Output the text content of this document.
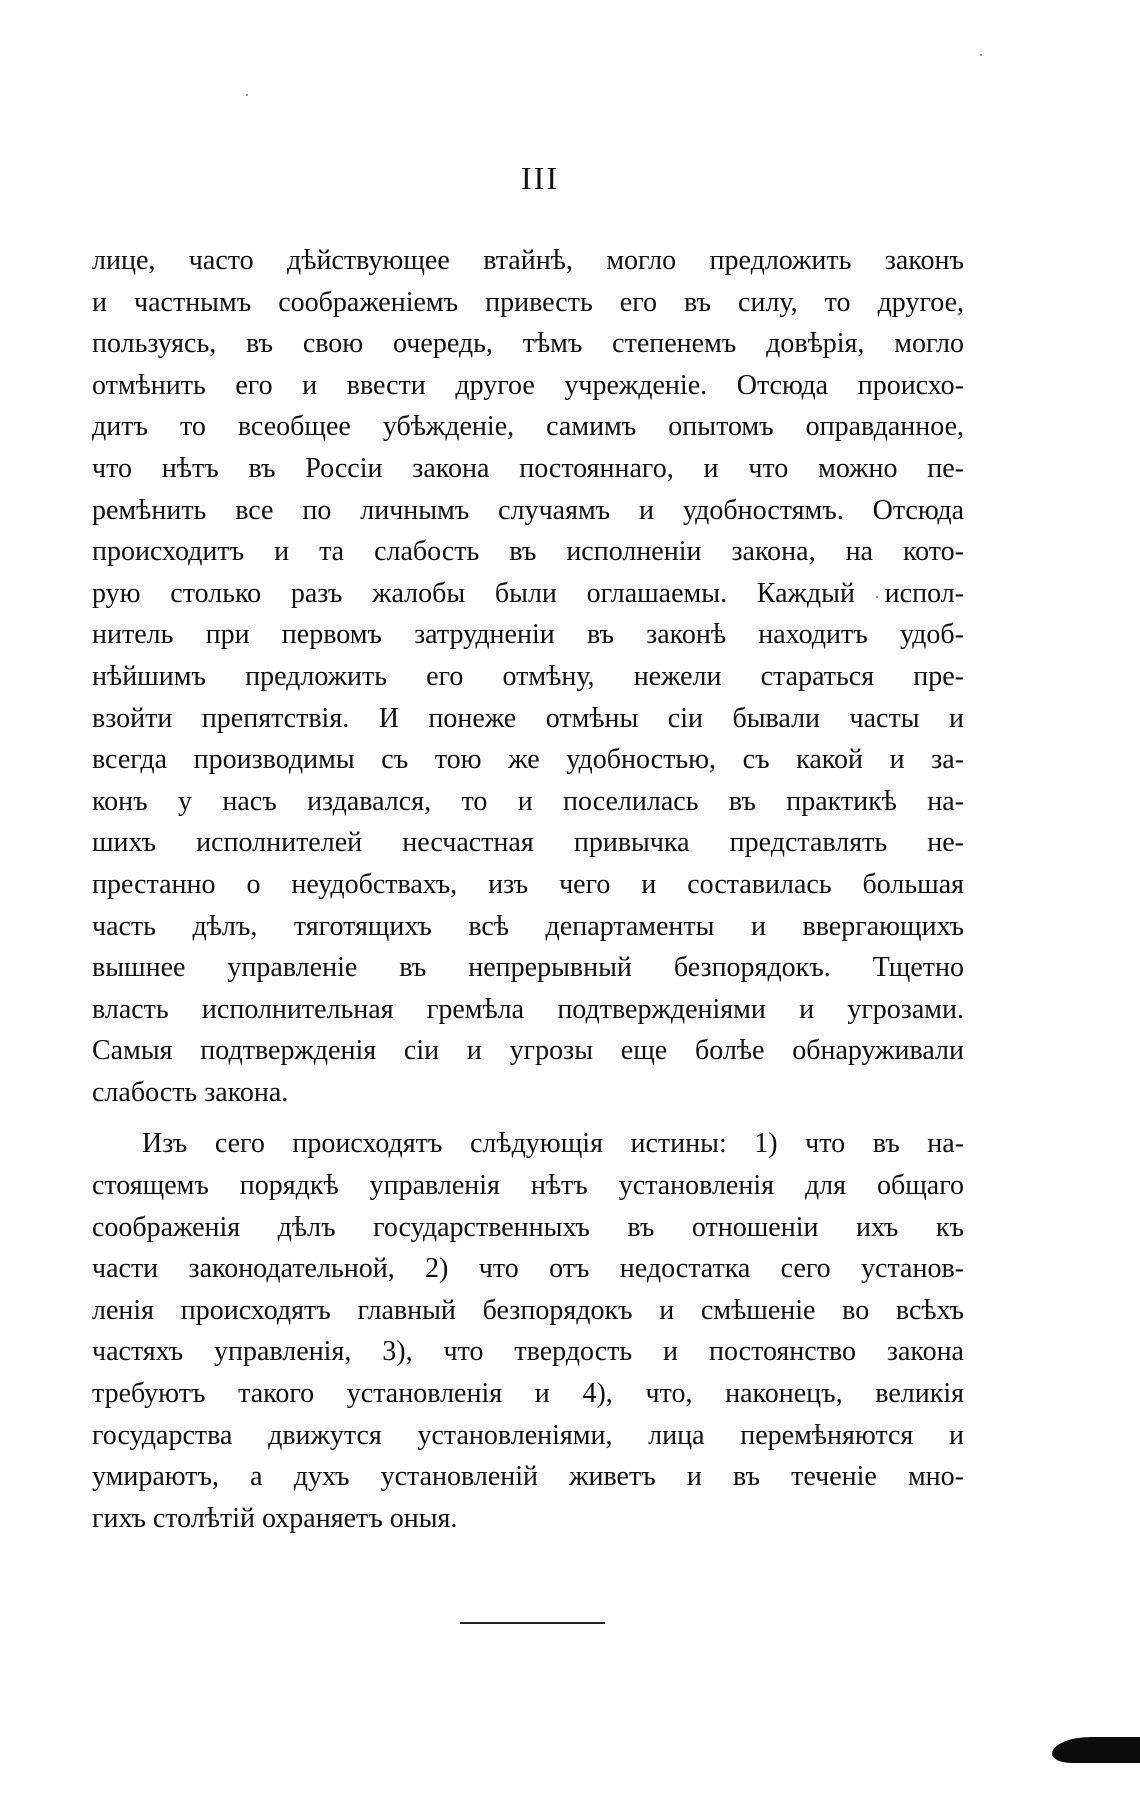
III
лице, часто дѣйствующее втайнѣ, могло предложить законъ
и частнымъ соображеніемъ привесть его въ силу, то другое,
пользуясь, въ свою очередь, тѣмъ степенемъ довѣрія, могло
отмѣнить его и ввести другое учрежденіе. Отсюда происхо-
дитъ то всеобщее убѣжденіе, самимъ опытомъ оправданное,
что нѣтъ въ Россіи закона постояннаго, и что можно пе-
ремѣнить все по личнымъ случаямъ и удобностямъ. Отсюда
происходитъ и та слабость въ исполненіи закона, на кото-
рую столько разъ жалобы были оглашаемы. Каждый испол-
нитель при первомъ затрудненіи въ законѣ находитъ удоб-
нѣйшимъ предложить его отмѣну, нежели стараться пре-
взойти препятствія. И понеже отмѣны сіи бывали часты и
всегда производимы съ тою же удобностью, съ какой и за-
конъ у насъ издавался, то и поселилась въ практикѣ на-
шихъ исполнителей несчастная привычка представлять не-
престанно о неудобствахъ, изъ чего и составилась большая
часть дѣлъ, тяготящихъ всѣ департаменты и ввергающихъ
вышнее управленіе въ непрерывный безпорядокъ. Тщетно
власть исполнительная гремѣла подтвержденіями и угрозами.
Самыя подтвержденія сіи и угрозы еще болѣе обнаруживали
слабость закона.
Изъ сего происходятъ слѣдующія истины: 1) что въ на-
стоящемъ порядкѣ управленія нѣтъ установленія для общаго
соображенія дѣлъ государственныхъ въ отношеніи ихъ къ
части законодательной, 2) что отъ недостатка сего установ-
ленія происходятъ главный безпорядокъ и смѣшеніе во всѣхъ
частяхъ управленія, 3), что твердость и постоянство закона
требуютъ такого установленія и 4), что, наконецъ, великія
государства движутся установленіями, лица перемѣняются и
умираютъ, а духъ установленій живетъ и въ теченіе мно-
гихъ столѣтій охраняетъ оныя.
